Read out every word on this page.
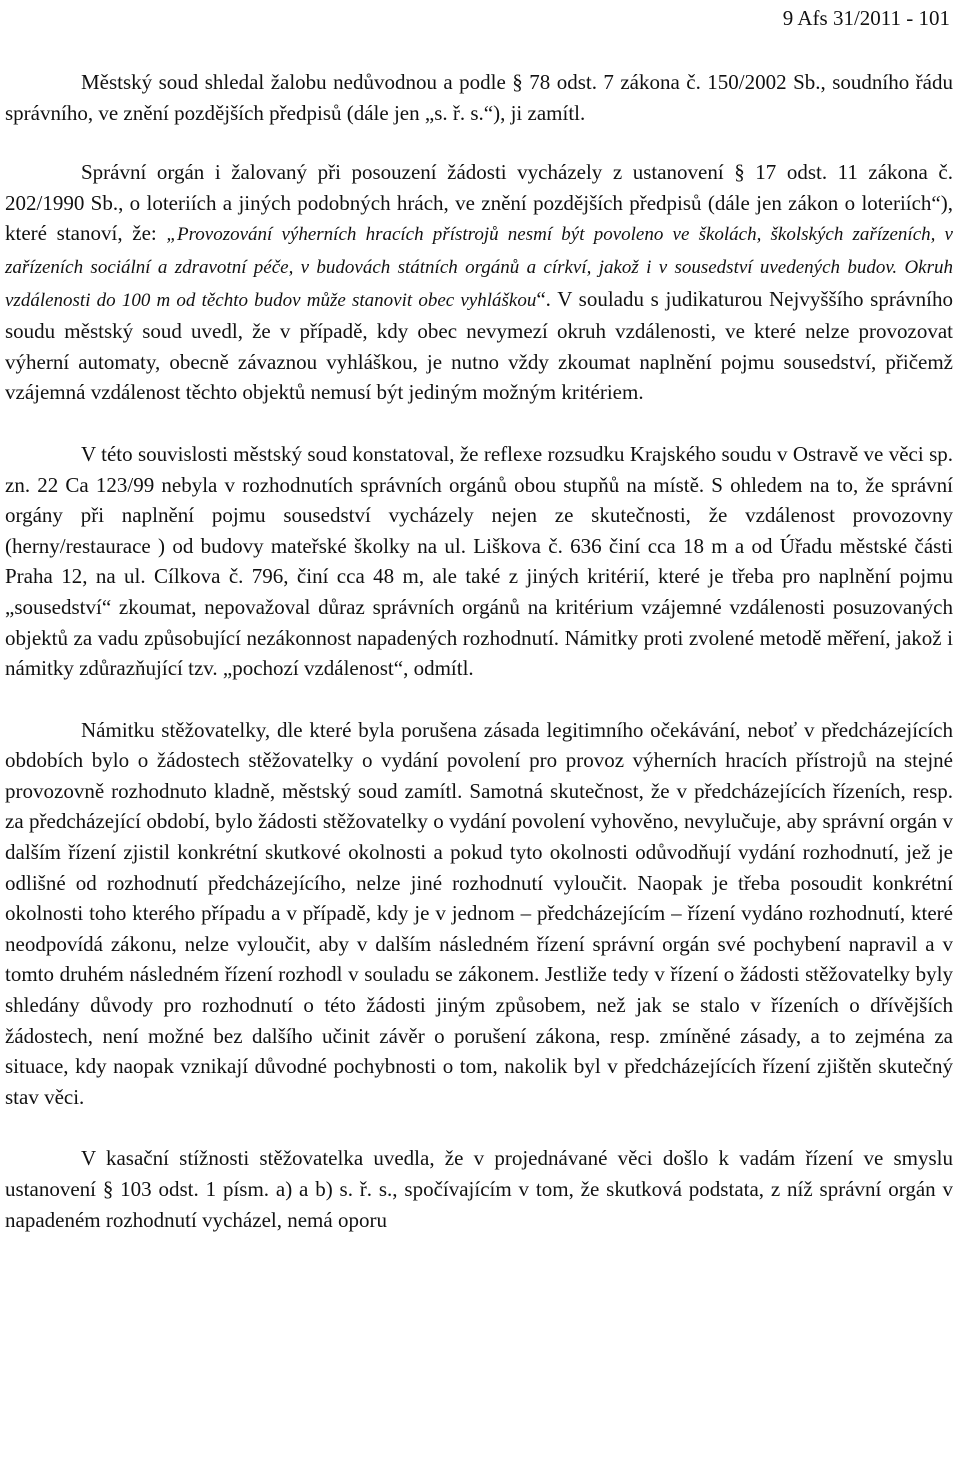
9 Afs 31/2011 - 101

Městský soud shledal žalobu nedůvodnou a podle § 78 odst. 7 zákona č. 150/2002 Sb., soudního řádu správního, ve znění pozdějších předpisů (dále jen „s. ř. s.“), ji zamítl.

Správní orgán i žalovaný při posouzení žádosti vycházely z ustanovení § 17 odst. 11 zákona č. 202/1990 Sb., o loteriích a jiných podobných hrách, ve znění pozdějších předpisů (dále jen zákon o loteriích“), které stanoví, že: „Provozování výherních hracích přístrojů nesmí být povoleno ve školách, školských zařízeních, v zařízeních sociální a zdravotní péče, v budovách státních orgánů a církví, jakož i v sousedství uvedených budov. Okruh vzdálenosti do 100 m od těchto budov může stanovit obec vyhláškou“. V souladu s judikaturou Nejvyššího správního soudu městský soud uvedl, že v případě, kdy obec nevymezí okruh vzdálenosti, ve které nelze provozovat výherní automaty, obecně závaznou vyhláškou, je nutno vždy zkoumat naplnění pojmu sousedství, přičemž vzájemná vzdálenost těchto objektů nemusí být jediným možným kritériem.

V této souvislosti městský soud konstatoval, že reflexe rozsudku Krajského soudu v Ostravě ve věci sp. zn. 22 Ca 123/99 nebyla v rozhodnutích správních orgánů obou stupňů na místě. S ohledem na to, že správní orgány při naplnění pojmu sousedství vycházely nejen ze skutečnosti, že vzdálenost provozovny (herny/restaurace ) od budovy mateřské školky na ul. Liškova č. 636 činí cca 18 m a od Úřadu městské části Praha 12, na ul. Cílkova č. 796, činí cca 48 m, ale také z jiných kritérií, které je třeba pro naplnění pojmu „sousedství“ zkoumat, nepovažoval důraz správních orgánů na kritérium vzájemné vzdálenosti posuzovaných objektů za vadu způsobující nezákonnost napadených rozhodnutí. Námitky proti zvolené metodě měření, jakož i námitky zdůrazňující tzv. „pochozí vzdálenost“, odmítl.

Námitku stěžovatelky, dle které byla porušena zásada legitimního očekávání, neboť v předcházejících obdobích bylo o žádostech stěžovatelky o vydání povolení pro provoz výherních hracích přístrojů na stejné provozovně rozhodnuto kladně, městský soud zamítl. Samotná skutečnost, že v předcházejících řízeních, resp. za předcházející období, bylo žádosti stěžovatelky o vydání povolení vyhověno, nevylučuje, aby správní orgán v dalším řízení zjistil konkrétní skutkové okolnosti a pokud tyto okolnosti odůvodňují vydání rozhodnutí, jež je odlišné od rozhodnutí předcházejícího, nelze jiné rozhodnutí vyloučit. Naopak je třeba posoudit konkrétní okolnosti toho kterého případu a v případě, kdy je v jednom – předcházejícím – řízení vydáno rozhodnutí, které neodpovídá zákonu, nelze vyloučit, aby v dalším následném řízení správní orgán své pochybení napravil a v tomto druhém následném řízení rozhodl v souladu se zákonem. Jestliže tedy v řízení o žádosti stěžovatelky byly shledány důvody pro rozhodnutí o této žádosti jiným způsobem, než jak se stalo v řízeních o dřívějších žádostech, není možné bez dalšího učinit závěr o porušení zákona, resp. zmíněné zásady, a to zejména za situace, kdy naopak vznikají důvodné pochybnosti o tom, nakolik byl v předcházejících řízení zjištěn skutečný stav věci.

V kasační stížnosti stěžovatelka uvedla, že v projednávané věci došlo k vadám řízení ve smyslu ustanovení § 103 odst. 1 písm. a) a b) s. ř. s., spočívajícím v tom, že skutková podstata, z níž správní orgán v napadeném rozhodnutí vycházel, nemá oporu
